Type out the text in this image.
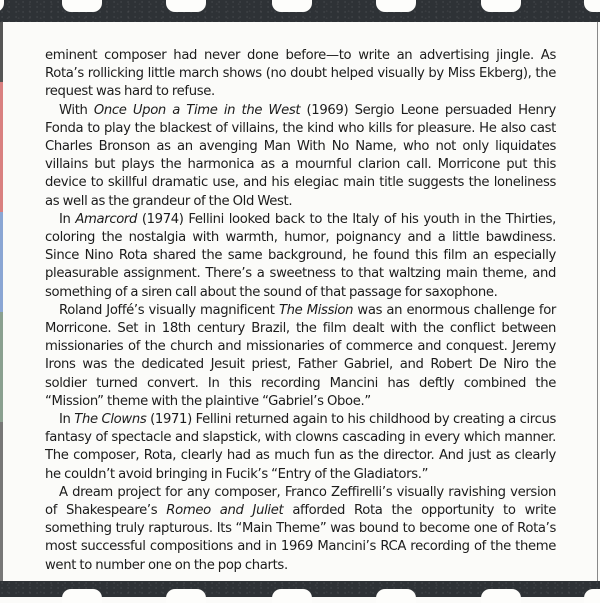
eminent composer had never done before—to write an advertising jingle. As Rota’s rollicking little march shows (no doubt helped visually by Miss Ekberg), the request was hard to refuse.

With Once Upon a Time in the West (1969) Sergio Leone persuaded Henry Fonda to play the blackest of villains, the kind who kills for pleasure. He also cast Charles Bronson as an avenging Man With No Name, who not only liquidates villains but plays the harmonica as a mournful clarion call. Morricone put this device to skillful dramatic use, and his elegiac main title suggests the loneliness as well as the grandeur of the Old West.

In Amarcord (1974) Fellini looked back to the Italy of his youth in the Thirties, coloring the nostalgia with warmth, humor, poignancy and a little bawdiness. Since Nino Rota shared the same background, he found this film an especially pleasurable assignment. There’s a sweetness to that waltzing main theme, and something of a siren call about the sound of that passage for saxophone.

Roland Joffé’s visually magnificent The Mission was an enormous challenge for Morricone. Set in 18th century Brazil, the film dealt with the conflict between missionaries of the church and missionaries of commerce and conquest. Jeremy Irons was the dedicated Jesuit priest, Father Gabriel, and Robert De Niro the soldier turned convert. In this recording Mancini has deftly combined the “Mission” theme with the plaintive “Gabriel’s Oboe.”

In The Clowns (1971) Fellini returned again to his childhood by creating a circus fantasy of spectacle and slapstick, with clowns cascading in every which manner. The composer, Rota, clearly had as much fun as the director. And just as clearly he couldn’t avoid bringing in Fucik’s “Entry of the Gladiators.”

A dream project for any composer, Franco Zeffirelli’s visually ravishing version of Shakespeare’s Romeo and Juliet afforded Rota the opportunity to write something truly rapturous. Its “Main Theme” was bound to become one of Rota’s most successful compositions and in 1969 Mancini’s RCA recording of the theme went to number one on the pop charts.
